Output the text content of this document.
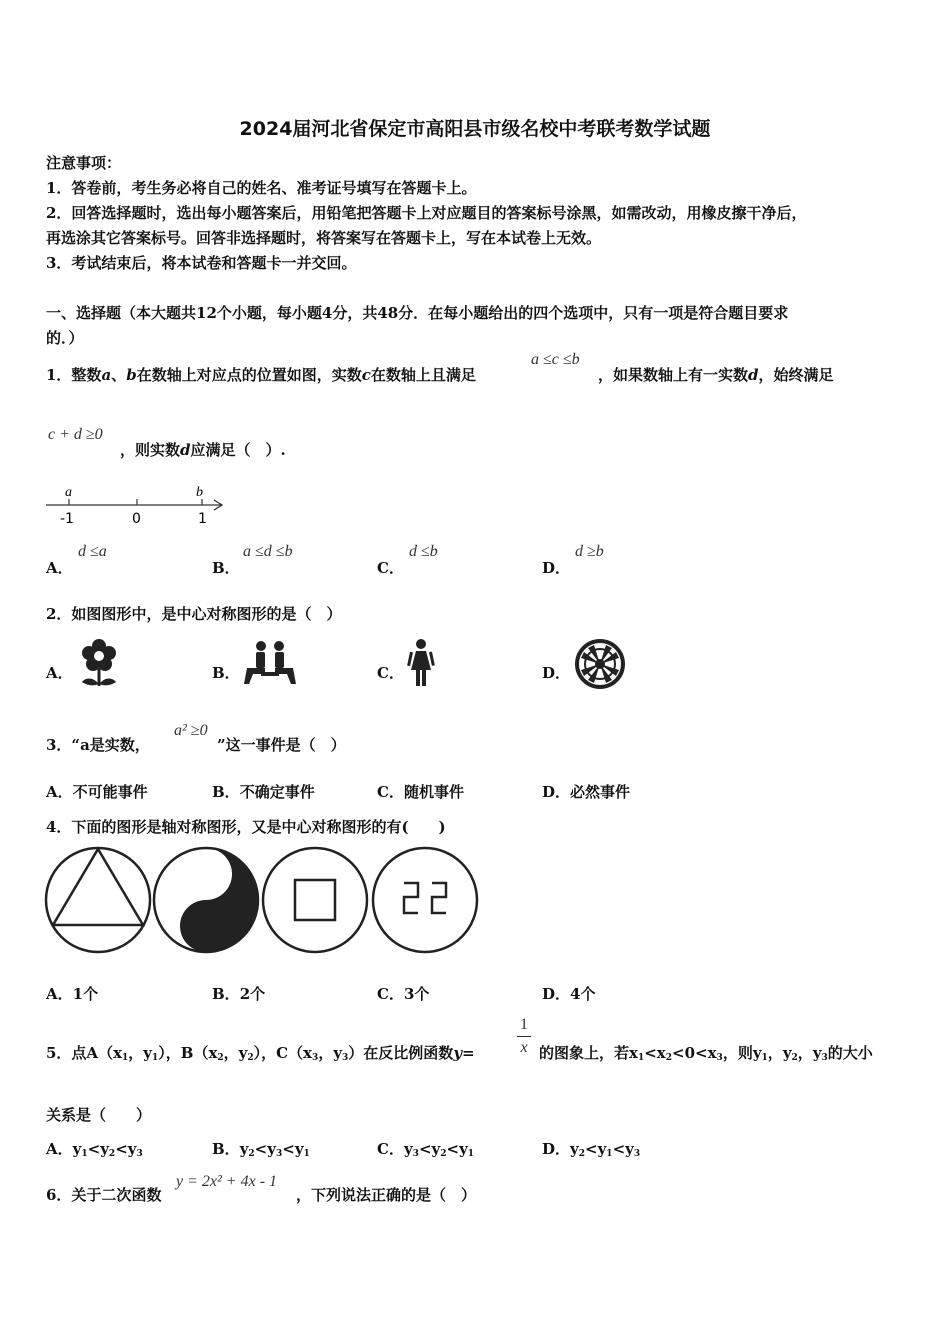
2024届河北省保定市高阳县市级名校中考联考数学试题
注意事项：
1．答卷前，考生务必将自己的姓名、准考证号填写在答题卡上。
2．回答选择题时，选出每小题答案后，用铅笔把答题卡上对应题目的答案标号涂黑，如需改动，用橡皮擦干净后，
再选涂其它答案标号。回答非选择题时，将答案写在答题卡上，写在本试卷上无效。
3．考试结束后，将本试卷和答题卡一并交回。
一、选择题（本大题共12个小题，每小题4分，共48分．在每小题给出的四个选项中，只有一项是符合题目要求
的．）
1．整数a、b在数轴上对应点的位置如图，实数c在数轴上且满足
a ≤c ≤b
，如果数轴上有一实数d，始终满足
c + d ≥0
，则实数d应满足（　）.
a	b
-1	0	1
A．
d ≤a
B．
a ≤d ≤b
C．
d ≤b
D．
d ≥b
2．如图图形中，是中心对称图形的是（　）
A．	B．	C．	D．
3．“a是实数，
a² ≥0
”这一事件是（　）
A．不可能事件	B．不确定事件	C．随机事件	D．必然事件
4．下面的图形是轴对称图形，又是中心对称图形的有(　　)
A．1个	B．2个	C．3个	D．4个
5．点$A(x_1$，$y_1$），$B(x_2$，$y_2$），$C(x_3$，$y_3$）在反比例函数y=
1
x 的图象上，若$x_1<x_2<0<x_3$，则$y_1$，$y_2$，$y_3$的大小
关系是（　　）
A．$y_1<y_2<y_3$	B．$y_2<y_3<y_1$	C．$y_3<y_2<y_1$	D．$y_2<y_1<y_3$
6．关于二次函数
y = 2x² + 4x - 1
，下列说法正确的是（　）
